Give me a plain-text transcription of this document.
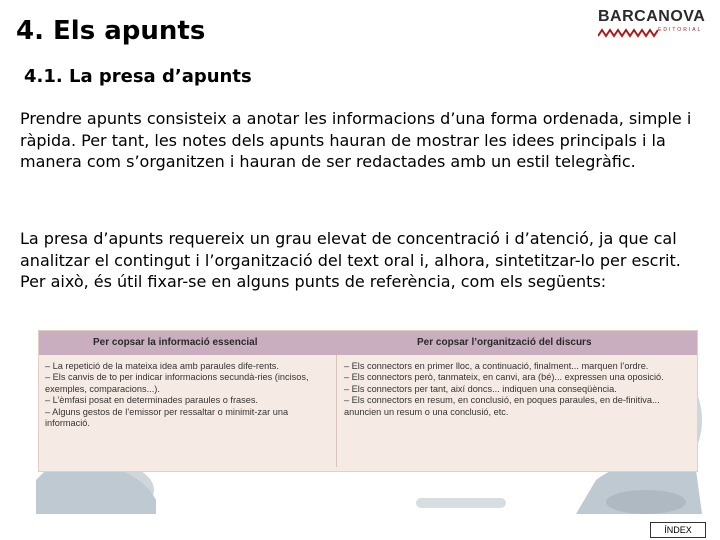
4. Els apunts	BARCANOVA
EDITORIAL
4.1. La presa d’apunts

Prendre apunts consisteix a anotar les informacions d’una forma ordenada, simple i ràpida. Per tant, les notes dels apunts hauran de mostrar les idees principals i la manera com s’organitzen i hauran de ser redactades amb un estil telegràfic.

La presa d’apunts requereix un grau elevat de concentració i d’atenció, ja que cal analitzar el contingut i l’organització del text oral i, alhora, sintetitzar-lo per escrit. Per això, és útil fixar-se en alguns punts de referència, com els següents:

Per copsar la informació essencial	Per copsar l’organització del discurs
– La repetició de la mateixa idea amb paraules dife-rents.
– Els canvis de to per indicar informacions secundà-ries (incisos, exemples, comparacions...).
– L’èmfasi posat en determinades paraules o frases.
– Alguns gestos de l’emissor per ressaltar o minimit-zar una informació.
– Els connectors en primer lloc, a continuació, finalment... marquen l’ordre.
– Els connectors però, tanmateix, en canvi, ara (bé)... expressen una oposició.
– Els connectors per tant, així doncs... indiquen una conseqüència.
– Els connectors en resum, en conclusió, en poques paraules, en de-finitiva... anuncien un resum o una conclusió, etc.
ÍNDEX
